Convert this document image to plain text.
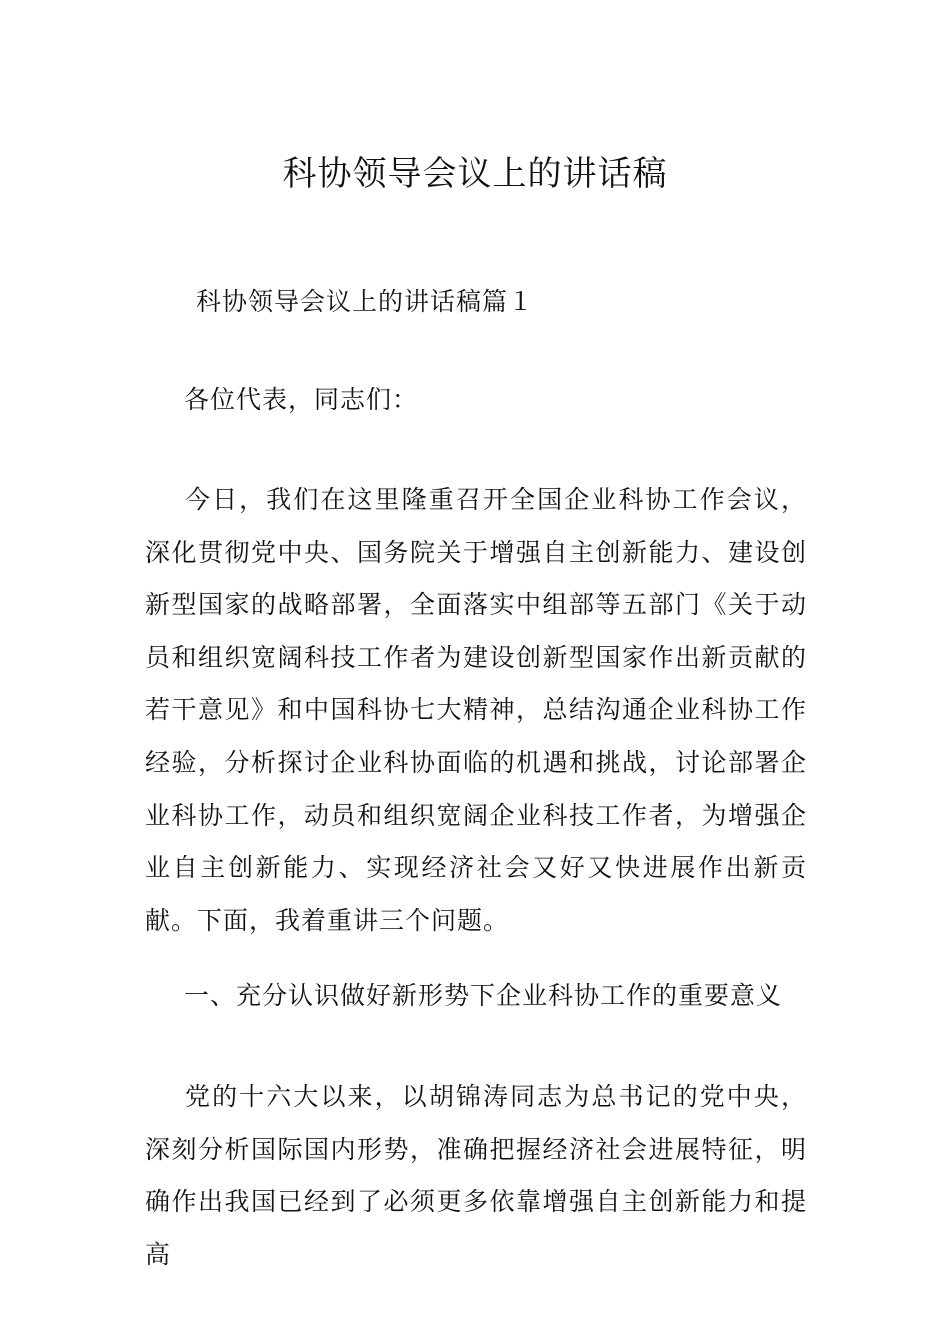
科协领导会议上的讲话稿

科协领导会议上的讲话稿篇１

各位代表，同志们：

今日，我们在这里隆重召开全国企业科协工作会议，深化贯彻党中央、国务院关于增强自主创新能力、建设创新型国家的战略部署，全面落实中组部等五部门《关于动员和组织宽阔科技工作者为建设创新型国家作出新贡献的若干意见》和中国科协七大精神，总结沟通企业科协工作经验，分析探讨企业科协面临的机遇和挑战，讨论部署企业科协工作，动员和组织宽阔企业科技工作者，为增强企业自主创新能力、实现经济社会又好又快进展作出新贡献。下面，我着重讲三个问题。

一、充分认识做好新形势下企业科协工作的重要意义

党的十六大以来，以胡锦涛同志为总书记的党中央，深刻分析国际国内形势，准确把握经济社会进展特征，明确作出我国已经到了必须更多依靠增强自主创新能力和提高
